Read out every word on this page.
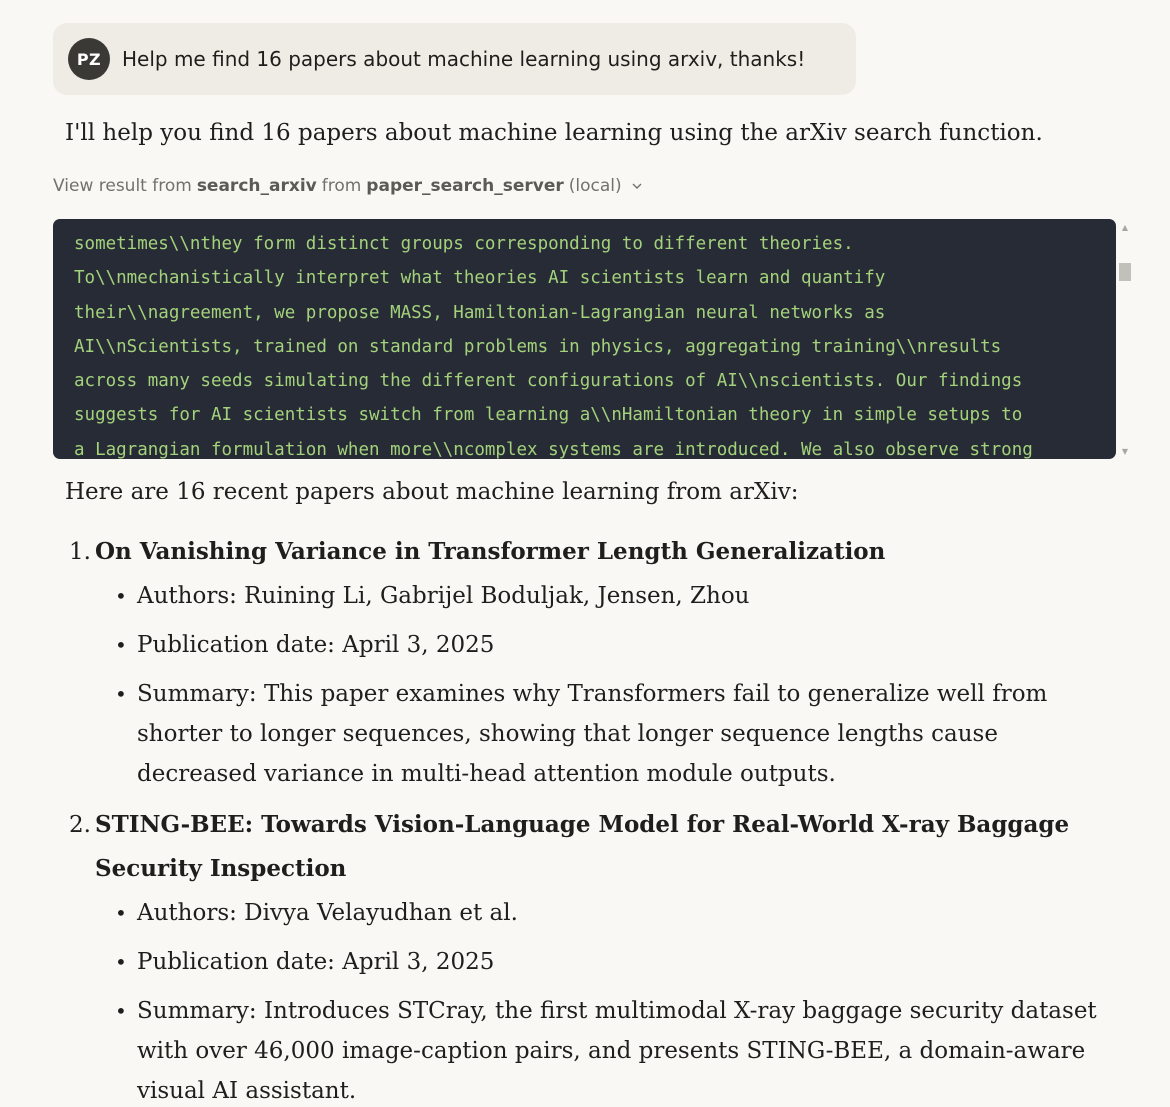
PZ	Help me find 16 papers about machine learning using arxiv, thanks!
I'll help you find 16 papers about machine learning using the arXiv search function.
View result from search_arxiv from paper_search_server (local)
sometimes\\nthey form distinct groups corresponding to different theories.
To\\nmechanistically interpret what theories AI scientists learn and quantify
their\\nagreement, we propose MASS, Hamiltonian-Lagrangian neural networks as
AI\\nScientists, trained on standard problems in physics, aggregating training\\nresults
across many seeds simulating the different configurations of AI\\nscientists. Our findings
suggests for AI scientists switch from learning a\\nHamiltonian theory in simple setups to
a Lagrangian formulation when more\\ncomplex systems are introduced. We also observe strong
▲
▼
Here are 16 recent papers about machine learning from arXiv:
1. On Vanishing Variance in Transformer Length Generalization
• Authors: Ruining Li, Gabrijel Boduljak, Jensen, Zhou
• Publication date: April 3, 2025
• Summary: This paper examines why Transformers fail to generalize well from shorter to longer sequences, showing that longer sequence lengths cause decreased variance in multi-head attention module outputs.
2. STING-BEE: Towards Vision-Language Model for Real-World X-ray Baggage Security Inspection
• Authors: Divya Velayudhan et al.
• Publication date: April 3, 2025
• Summary: Introduces STCray, the first multimodal X-ray baggage security dataset with over 46,000 image-caption pairs, and presents STING-BEE, a domain-aware visual AI assistant.
